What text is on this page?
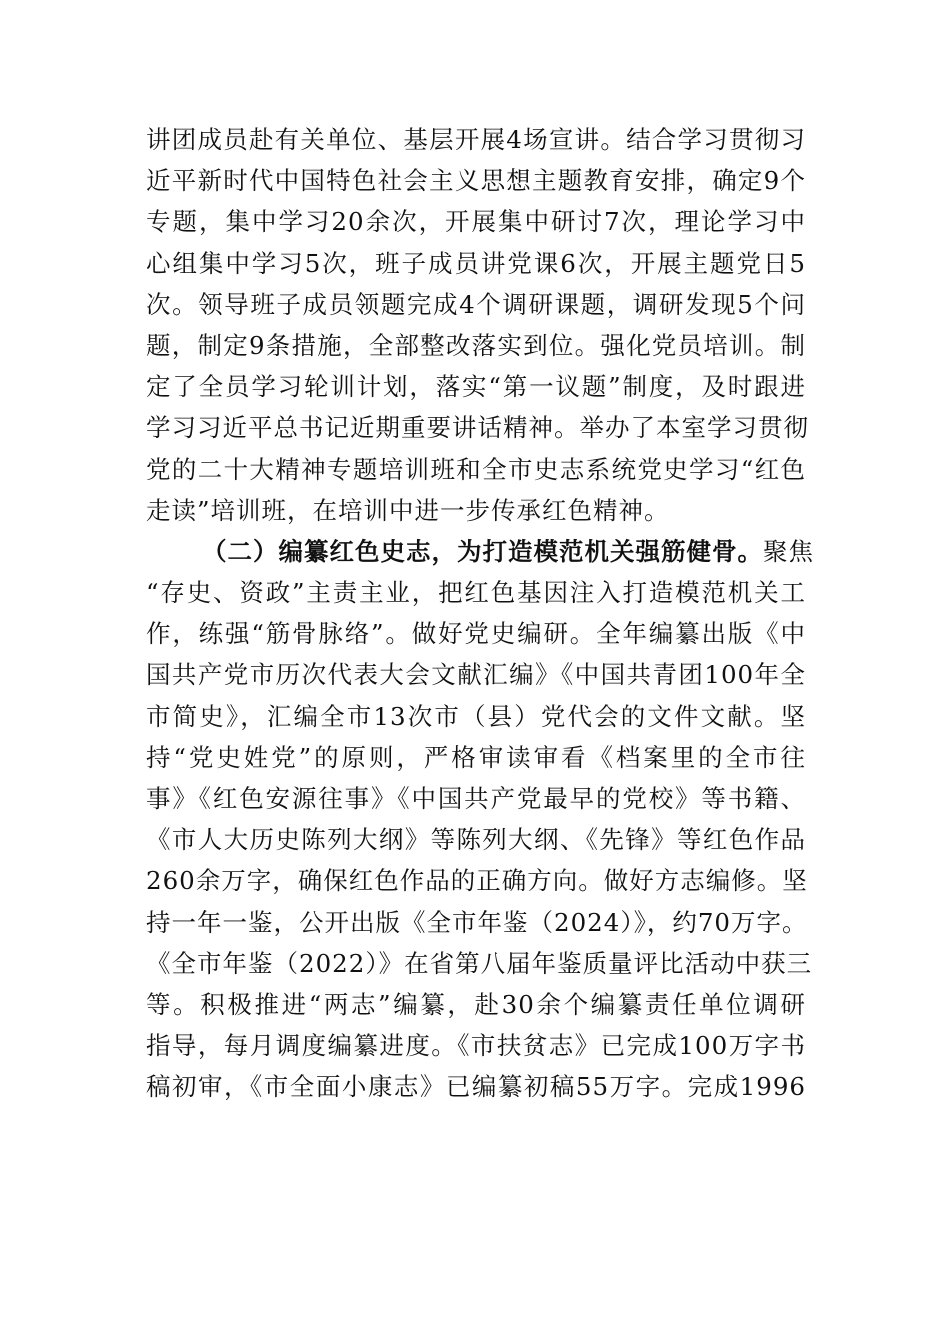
讲团成员赴有关单位、基层开展4场宣讲。结合学习贯彻习
近平新时代中国特色社会主义思想主题教育安排，确定9个
专题，集中学习20余次，开展集中研讨7次，理论学习中
心组集中学习5次，班子成员讲党课6次，开展主题党日5
次。领导班子成员领题完成4个调研课题，调研发现5个问
题，制定9条措施，全部整改落实到位。强化党员培训。制
定了全员学习轮训计划，落实“第一议题”制度，及时跟进
学习习近平总书记近期重要讲话精神。举办了本室学习贯彻
党的二十大精神专题培训班和全市史志系统党史学习“红色
走读”培训班，在培训中进一步传承红色精神。
（二）编纂红色史志，为打造模范机关强筋健骨。聚焦
“存史、资政”主责主业，把红色基因注入打造模范机关工
作，练强“筋骨脉络”。做好党史编研。全年编纂出版《中
国共产党市历次代表大会文献汇编》《中国共青团100年全
市简史》，汇编全市13次市（县）党代会的文件文献。坚
持“党史姓党”的原则，严格审读审看《档案里的全市往
事》《红色安源往事》《中国共产党最早的党校》等书籍、
《市人大历史陈列大纲》等陈列大纲、《先锋》等红色作品
260余万字，确保红色作品的正确方向。做好方志编修。坚
持一年一鉴，公开出版《全市年鉴（2024）》，约70万字。
《全市年鉴（2022）》在省第八届年鉴质量评比活动中获三
等。积极推进“两志”编纂，赴30余个编纂责任单位调研
指导，每月调度编纂进度。《市扶贫志》已完成100万字书
稿初审，《市全面小康志》已编纂初稿55万字。完成1996
